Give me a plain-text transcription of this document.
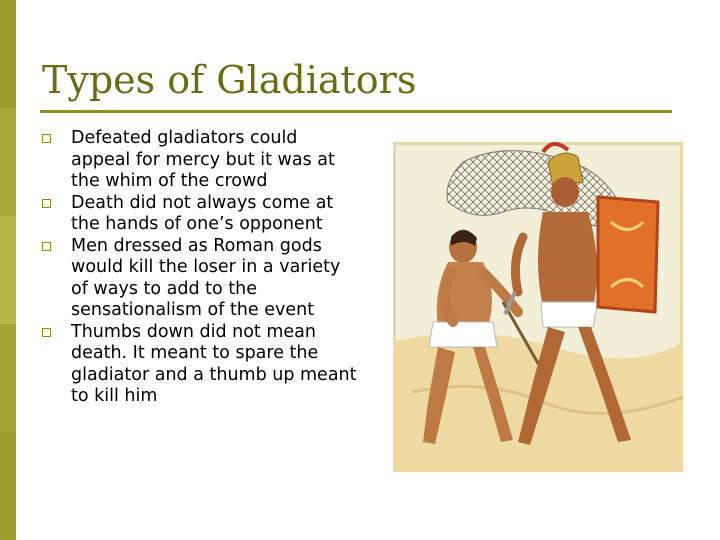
Types of Gladiators
Defeated gladiators could appeal for mercy but it was at the whim of the crowd
Death did not always come at the hands of one’s opponent
Men dressed as Roman gods would kill the loser in a variety of ways to add to the sensationalism of the event
Thumbs down did not mean death. It meant to spare the gladiator and a thumb up meant to kill him
